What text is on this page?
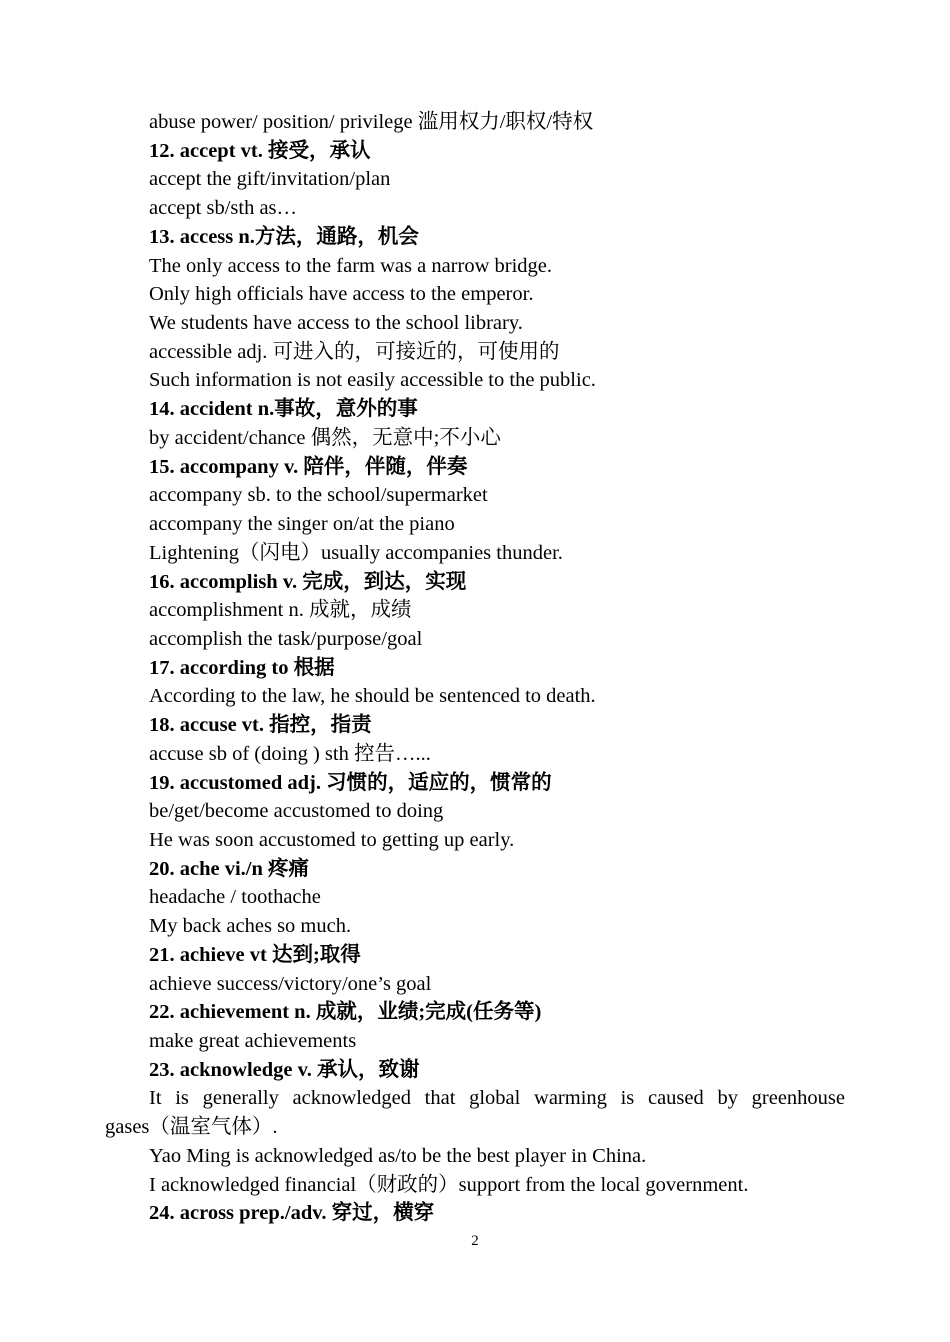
abuse power/ position/ privilege 滥用权力/职权/特权
12. accept vt. 接受，承认
accept the gift/invitation/plan
accept sb/sth as…
13. access n.方法，通路，机会
The only access to the farm was a narrow bridge.
Only high officials have access to the emperor.
We students have access to the school library.
accessible adj. 可进入的，可接近的，可使用的
Such information is not easily accessible to the public.
14. accident n.事故，意外的事
by accident/chance 偶然，无意中;不小心
15. accompany v. 陪伴，伴随，伴奏
accompany sb. to the school/supermarket
accompany the singer on/at the piano
Lightening（闪电）usually accompanies thunder.
16. accomplish v. 完成，到达，实现
accomplishment n. 成就，成绩
accomplish the task/purpose/goal
17. according to 根据
According to the law, he should be sentenced to death.
18. accuse vt. 指控，指责
accuse sb of (doing ) sth 控告…...
19. accustomed adj. 习惯的，适应的，惯常的
be/get/become accustomed to doing
He was soon accustomed to getting up early.
20. ache vi./n 疼痛
headache / toothache
My back aches so much.
21. achieve vt 达到;取得
achieve success/victory/one’s goal
22. achievement n. 成就，业绩;完成(任务等)
make great achievements
23. acknowledge v. 承认，致谢
It is generally acknowledged that global warming is caused by greenhouse
gases（温室气体）.
Yao Ming is acknowledged as/to be the best player in China.
I acknowledged financial（财政的）support from the local government.
24. across prep./adv. 穿过，横穿
2
